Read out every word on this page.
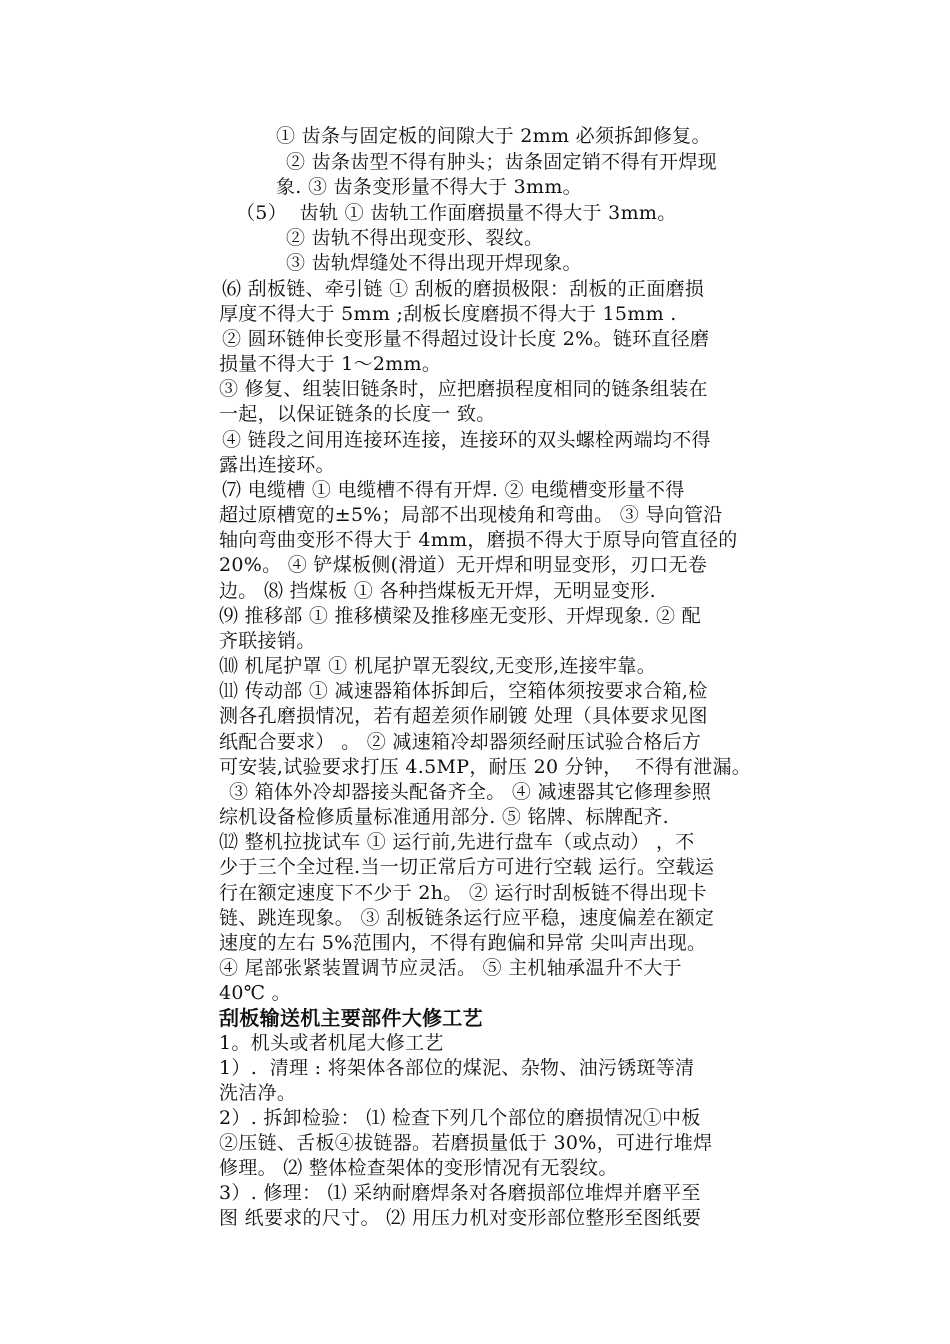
① 齿条与固定板的间隙大于 2mm 必须拆卸修复。
② 齿条齿型不得有肿头；齿条固定销不得有开焊现
象. ③ 齿条变形量不得大于 3mm。
（5）  齿轨 ① 齿轨工作面磨损量不得大于 3mm。
② 齿轨不得出现变形、裂纹。
③ 齿轨焊缝处不得出现开焊现象。
⑹ 刮板链、牵引链 ① 刮板的磨损极限：刮板的正面磨损
厚度不得大于 5mm ;刮板长度磨损不得大于 15mm .
② 圆环链伸长变形量不得超过设计长度 2%。链环直径磨
损量不得大于 1～2mm。
③ 修复、组装旧链条时，应把磨损程度相同的链条组装在
一起，以保证链条的长度一 致。
④ 链段之间用连接环连接，连接环的双头螺栓两端均不得
露出连接环。
⑺ 电缆槽 ① 电缆槽不得有开焊. ② 电缆槽变形量不得
超过原槽宽的±5%；局部不出现棱角和弯曲。 ③ 导向管沿
轴向弯曲变形不得大于 4mm，磨损不得大于原导向管直径的
20%。 ④ 铲煤板侧(滑道）无开焊和明显变形，刃口无卷
边。 ⑻ 挡煤板 ① 各种挡煤板无开焊，无明显变形.
⑼ 推移部 ① 推移横梁及推移座无变形、开焊现象. ② 配
齐联接销。
⑽ 机尾护罩 ① 机尾护罩无裂纹,无变形,连接牢靠。
⑾ 传动部 ① 减速器箱体拆卸后，空箱体须按要求合箱,检
测各孔磨损情况，若有超差须作刷镀 处理（具体要求见图
纸配合要求） 。 ② 减速箱冷却器须经耐压试验合格后方
可安装,试验要求打压 4.5MP，耐压 20 分钟，  不得有泄漏。
③ 箱体外冷却器接头配备齐全。 ④ 减速器其它修理参照
综机设备检修质量标准通用部分. ⑤ 铭牌、标牌配齐.
⑿ 整机拉拢试车 ① 运行前,先进行盘车（或点动） ，不
少于三个全过程.当一切正常后方可进行空载 运行。空载运
行在额定速度下不少于 2h。 ② 运行时刮板链不得出现卡
链、跳连现象。 ③ 刮板链条运行应平稳，速度偏差在额定
速度的左右 5%范围内，不得有跑偏和异常 尖叫声出现。
④ 尾部张紧装置调节应灵活。 ⑤ 主机轴承温升不大于
40℃ 。
刮板输送机主要部件大修工艺
1。机头或者机尾大修工艺
1）.  清理 : 将架体各部位的煤泥、杂物、油污锈斑等清
洗洁净。
2）. 拆卸检验： ⑴ 检查下列几个部位的磨损情况①中板
②压链、舌板④拔链器。若磨损量低于 30%，可进行堆焊
修理。 ⑵ 整体检查架体的变形情况有无裂纹。
3）. 修理： ⑴ 采纳耐磨焊条对各磨损部位堆焊并磨平至
图 纸要求的尺寸。 ⑵ 用压力机对变形部位整形至图纸要
